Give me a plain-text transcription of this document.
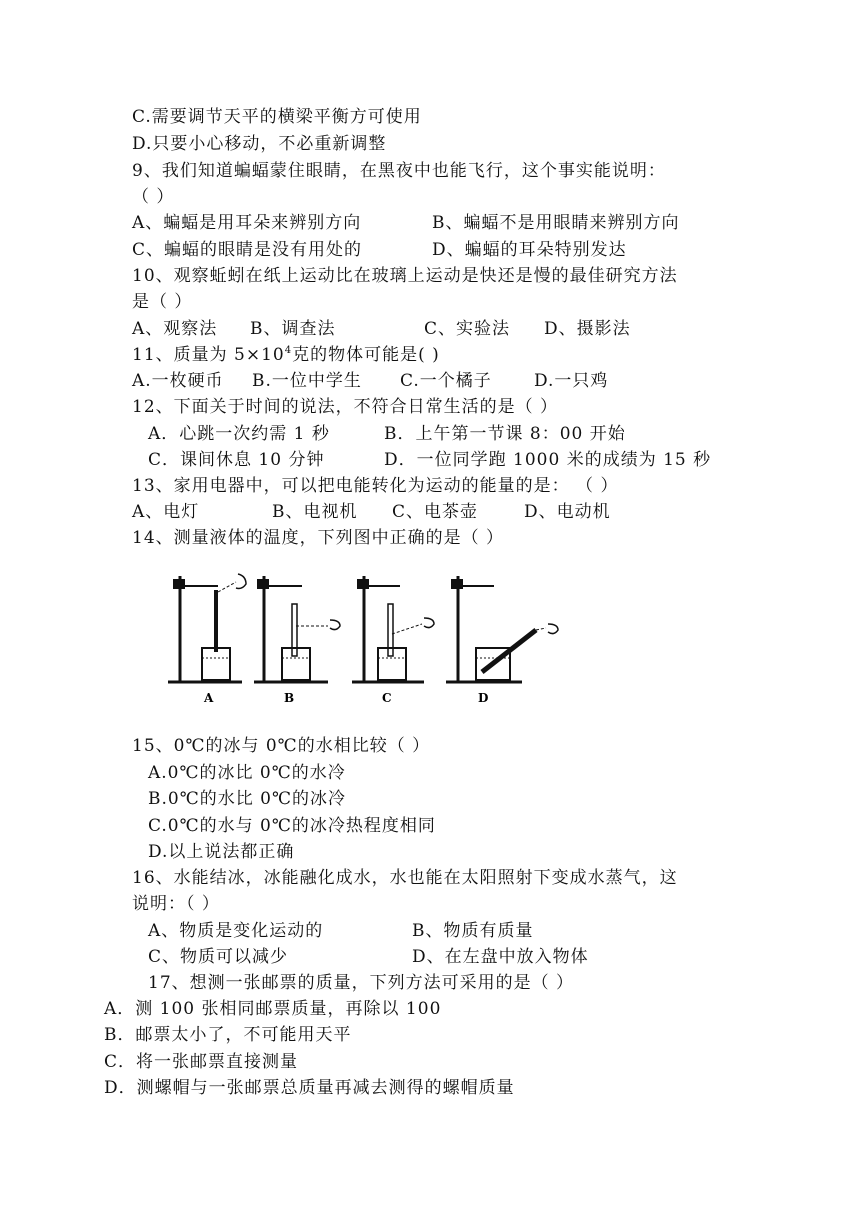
C.需要调节天平的横梁平衡方可使用
D.只要小心移动，不必重新调整
9、我们知道蝙蝠蒙住眼睛，在黑夜中也能飞行，这个事实能说明：
（ ）
A、蝙蝠是用耳朵来辨别方向	B、蝙蝠不是用眼睛来辨别方向
C、蝙蝠的眼睛是没有用处的	D、蝙蝠的耳朵特别发达
10、观察蚯蚓在纸上运动比在玻璃上运动是快还是慢的最佳研究方法
是（ ）
A、观察法 B、调查法	C、实验法 D、摄影法
11、质量为 $5\times 10^4$克的物体可能是( )
A.一枚硬币 B.一位中学生 C.一个橘子 D.一只鸡
12、下面关于时间的说法，不符合日常生活的是（ ）
A．心跳一次约需 1 秒	B．上午第一节课 8：00 开始
C．课间休息 10 分钟	D．一位同学跑 1000 米的成绩为 15 秒
13、家用电器中，可以把电能转化为运动的能量的是： （ ）
A、电灯	B、电视机 C、电茶壶	D、电动机
14、测量液体的温度，下列图中正确的是（ ）
A	B	C	D
15、0℃的冰与 0℃的水相比较（ ）
A.0℃的冰比 0℃的水冷
B.0℃的水比 0℃的冰冷
C.0℃的水与 0℃的冰冷热程度相同
D.以上说法都正确
16、水能结冰，冰能融化成水，水也能在太阳照射下变成水蒸气，这
说明：（ ）
A、物质是变化运动的	B、物质有质量
C、物质可以减少	D、在左盘中放入物体
17、想测一张邮票的质量，下列方法可采用的是（ ）
A．测 100 张相同邮票质量，再除以 100
B．邮票太小了，不可能用天平
C．将一张邮票直接测量
D．测螺帽与一张邮票总质量再减去测得的螺帽质量
